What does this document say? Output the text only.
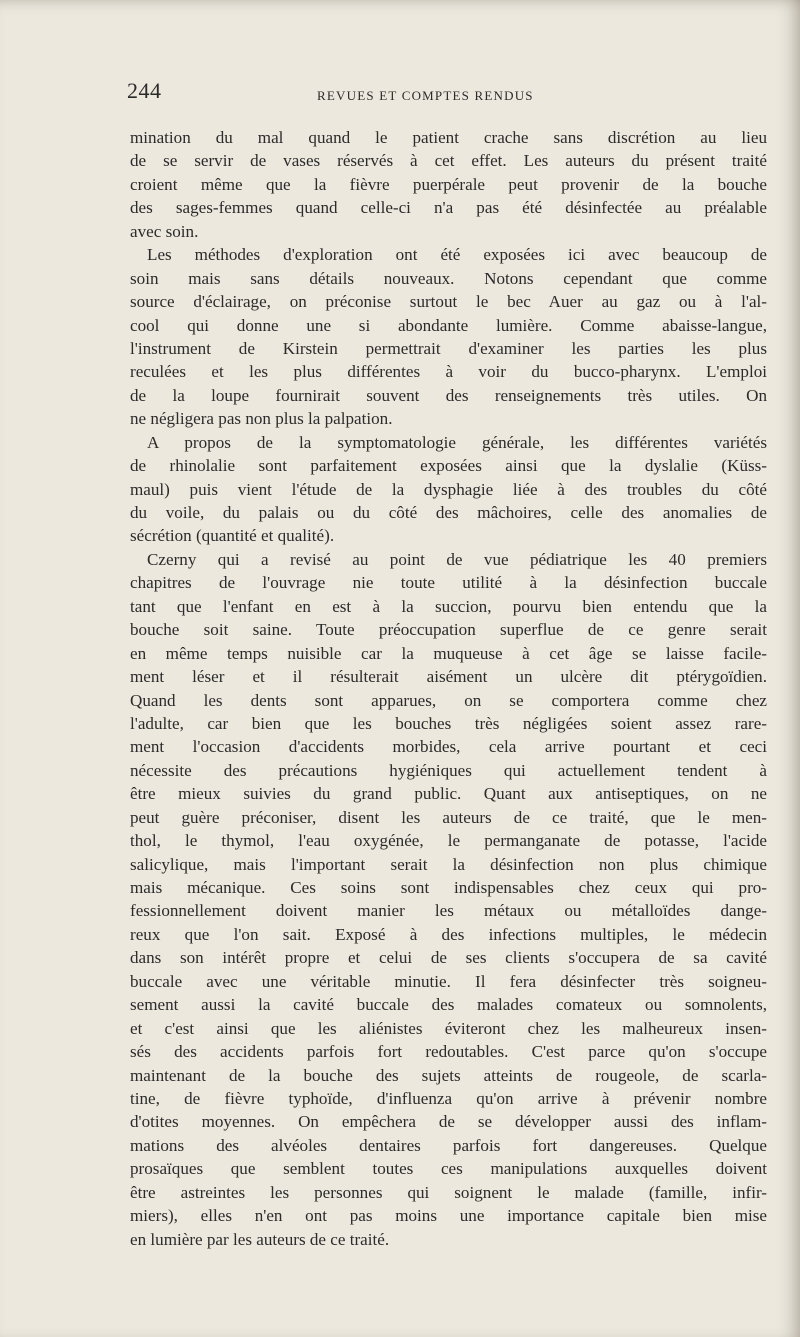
244	REVUES ET COMPTES RENDUS
mination du mal quand le patient crache sans discrétion au lieu
de se servir de vases réservés à cet effet. Les auteurs du présent traité
croient même que la fièvre puerpérale peut provenir de la bouche
des sages-femmes quand celle-ci n'a pas été désinfectée au préalable
avec soin.
Les méthodes d'exploration ont été exposées ici avec beaucoup de
soin mais sans détails nouveaux. Notons cependant que comme
source d'éclairage, on préconise surtout le bec Auer au gaz ou à l'al-
cool qui donne une si abondante lumière. Comme abaisse-langue,
l'instrument de Kirstein permettrait d'examiner les parties les plus
reculées et les plus différentes à voir du bucco-pharynx. L'emploi
de la loupe fournirait souvent des renseignements très utiles. On
ne négligera pas non plus la palpation.
A propos de la symptomatologie générale, les différentes variétés
de rhinolalie sont parfaitement exposées ainsi que la dyslalie (Küss-
maul) puis vient l'étude de la dysphagie liée à des troubles du côté
du voile, du palais ou du côté des mâchoires, celle des anomalies de
sécrétion (quantité et qualité).
Czerny qui a revisé au point de vue pédiatrique les 40 premiers
chapitres de l'ouvrage nie toute utilité à la désinfection buccale
tant que l'enfant en est à la succion, pourvu bien entendu que la
bouche soit saine. Toute préoccupation superflue de ce genre serait
en même temps nuisible car la muqueuse à cet âge se laisse facile-
ment léser et il résulterait aisément un ulcère dit ptérygoïdien.
Quand les dents sont apparues, on se comportera comme chez
l'adulte, car bien que les bouches très négligées soient assez rare-
ment l'occasion d'accidents morbides, cela arrive pourtant et ceci
nécessite des précautions hygiéniques qui actuellement tendent à
être mieux suivies du grand public. Quant aux antiseptiques, on ne
peut guère préconiser, disent les auteurs de ce traité, que le men-
thol, le thymol, l'eau oxygénée, le permanganate de potasse, l'acide
salicylique, mais l'important serait la désinfection non plus chimique
mais mécanique. Ces soins sont indispensables chez ceux qui pro-
fessionnellement doivent manier les métaux ou métalloïdes dange-
reux que l'on sait. Exposé à des infections multiples, le médecin
dans son intérêt propre et celui de ses clients s'occupera de sa cavité
buccale avec une véritable minutie. Il fera désinfecter très soigneu-
sement aussi la cavité buccale des malades comateux ou somnolents,
et c'est ainsi que les aliénistes éviteront chez les malheureux insen-
sés des accidents parfois fort redoutables. C'est parce qu'on s'occupe
maintenant de la bouche des sujets atteints de rougeole, de scarla-
tine, de fièvre typhoïde, d'influenza qu'on arrive à prévenir nombre
d'otites moyennes. On empêchera de se développer aussi des inflam-
mations des alvéoles dentaires parfois fort dangereuses. Quelque
prosaïques que semblent toutes ces manipulations auxquelles doivent
être astreintes les personnes qui soignent le malade (famille, infir-
miers), elles n'en ont pas moins une importance capitale bien mise
en lumière par les auteurs de ce traité.
